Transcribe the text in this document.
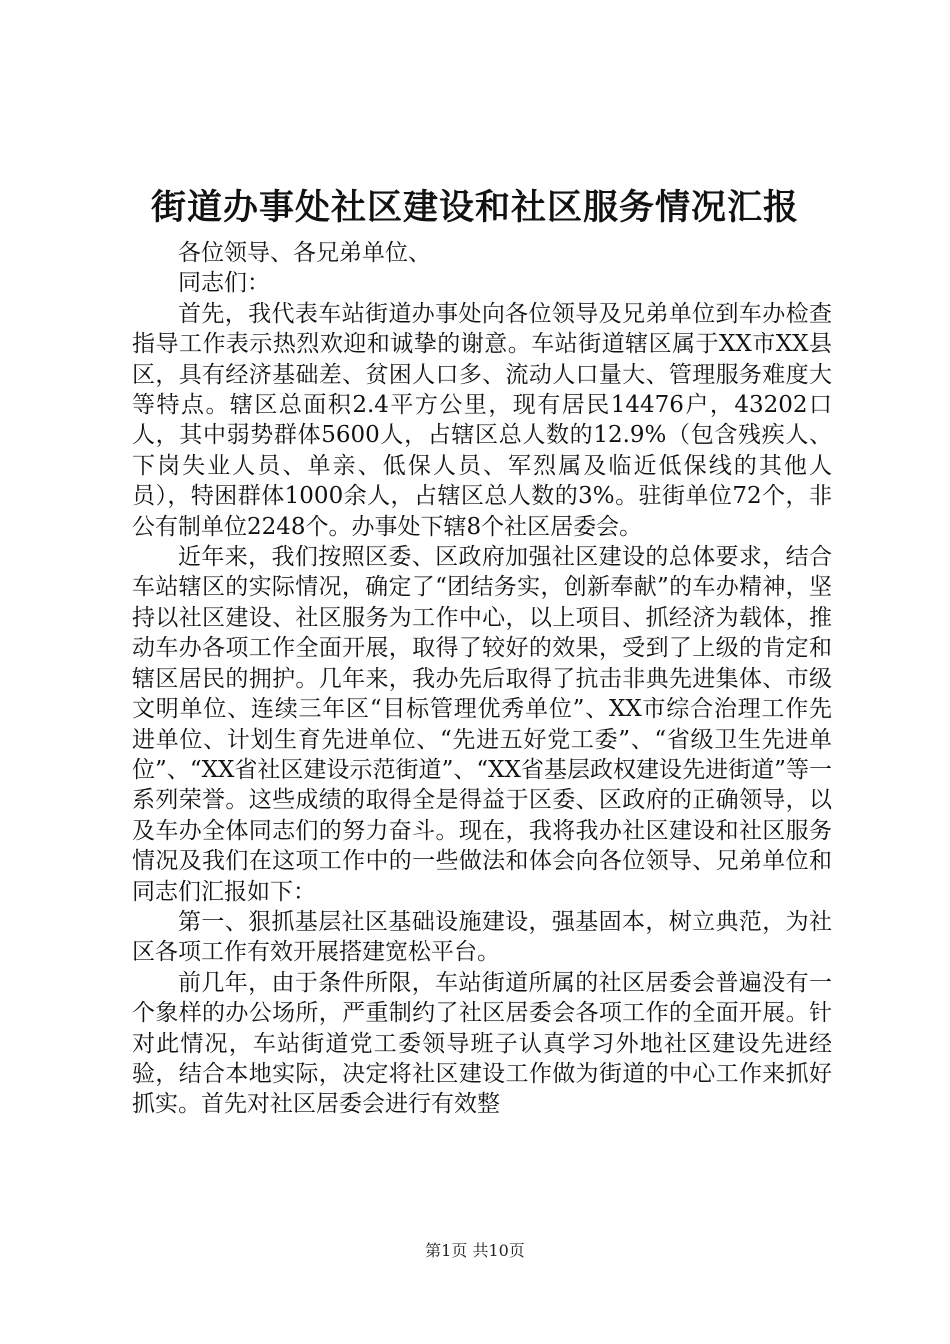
街道办事处社区建设和社区服务情况汇报

各位领导、各兄弟单位、

同志们：

首先，我代表车站街道办事处向各位领导及兄弟单位到车办检查指导工作表示热烈欢迎和诚挚的谢意。车站街道辖区属于XX市XX县区，具有经济基础差、贫困人口多、流动人口量大、管理服务难度大等特点。辖区总面积2.4平方公里，现有居民14476户，43202口人，其中弱势群体5600人，占辖区总人数的12.9%（包含残疾人、下岗失业人员、单亲、低保人员、军烈属及临近低保线的其他人员），特困群体1000余人，占辖区总人数的3%。驻街单位72个，非公有制单位2248个。办事处下辖8个社区居委会。

近年来，我们按照区委、区政府加强社区建设的总体要求，结合车站辖区的实际情况，确定了“团结务实，创新奉献”的车办精神，坚持以社区建设、社区服务为工作中心，以上项目、抓经济为载体，推动车办各项工作全面开展，取得了较好的效果，受到了上级的肯定和辖区居民的拥护。几年来，我办先后取得了抗击非典先进集体、市级文明单位、连续三年区“目标管理优秀单位”、XX市综合治理工作先进单位、计划生育先进单位、“先进五好党工委”、“省级卫生先进单位”、“XX省社区建设示范街道”、“XX省基层政权建设先进街道”等一系列荣誉。这些成绩的取得全是得益于区委、区政府的正确领导，以及车办全体同志们的努力奋斗。现在，我将我办社区建设和社区服务情况及我们在这项工作中的一些做法和体会向各位领导、兄弟单位和同志们汇报如下：

第一、狠抓基层社区基础设施建设，强基固本，树立典范，为社区各项工作有效开展搭建宽松平台。

前几年，由于条件所限，车站街道所属的社区居委会普遍没有一个象样的办公场所，严重制约了社区居委会各项工作的全面开展。针对此情况，车站街道党工委领导班子认真学习外地社区建设先进经验，结合本地实际，决定将社区建设工作做为街道的中心工作来抓好抓实。首先对社区居委会进行有效整

第1页 共10页
